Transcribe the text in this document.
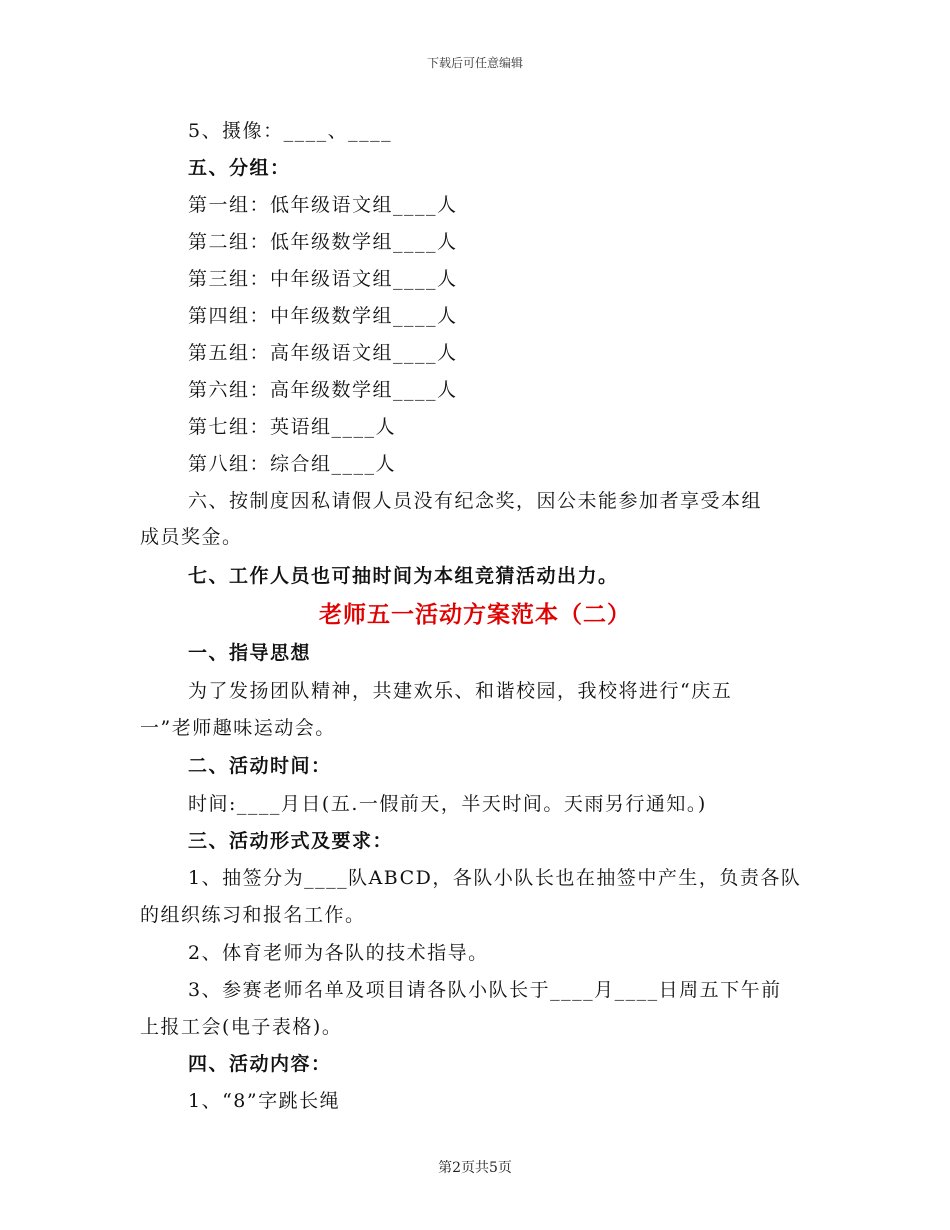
下载后可任意编辑
5、摄像：____、____
五、分组：
第一组：低年级语文组____人
第二组：低年级数学组____人
第三组：中年级语文组____人
第四组：中年级数学组____人
第五组：高年级语文组____人
第六组：高年级数学组____人
第七组：英语组____人
第八组：综合组____人
六、按制度因私请假人员没有纪念奖，因公未能参加者享受本组
成员奖金。
七、工作人员也可抽时间为本组竞猜活动出力。
老师五一活动方案范本（二）
一、指导思想
为了发扬团队精神，共建欢乐、和谐校园，我校将进行“庆五
一”老师趣味运动会。
二、活动时间：
时间:____月日(五.一假前天，半天时间。天雨另行通知。)
三、活动形式及要求：
1、抽签分为____队ABCD，各队小队长也在抽签中产生，负责各队
的组织练习和报名工作。
2、体育老师为各队的技术指导。
3、参赛老师名单及项目请各队小队长于____月____日周五下午前
上报工会(电子表格)。
四、活动内容：
1、“8”字跳长绳
第2页共5页
